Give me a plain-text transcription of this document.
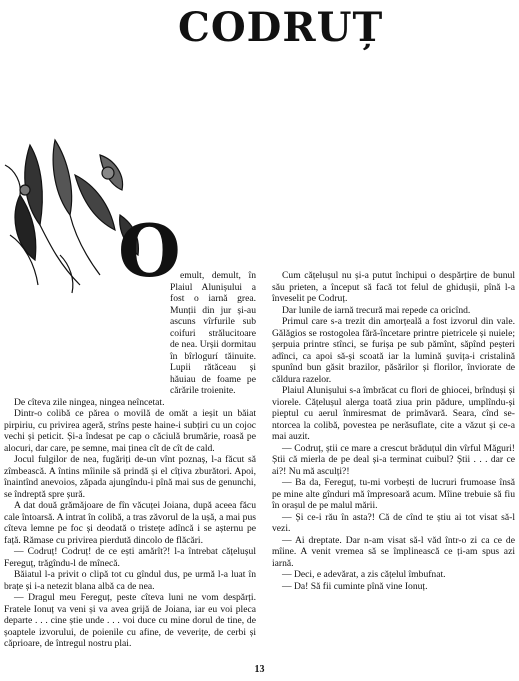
CODRUȚ
O emult, demult, în Plaiul Alunișului a fost o iarnă grea. Munții din jur și-au ascuns vîrfurile sub coifuri strălucitoare de nea. Urșii dormitau în bîrlogurí tăinuite. Lupii rătăceau și hăuiau de foame pe cărările troienite.

De cîteva zile ningea, ningea neîncetat.

Dintr-o colibă ce părea o movilă de omăt a ieșit un băiat pirpiriu, cu privirea ageră, strîns peste haine-i subțiri cu un cojoc vechi și peticit. Și-a îndesat pe cap o căciulă brumărie, roasă pe alocuri, dar care, pe semne, mai ținea cît de cît de cald.

Jocul fulgilor de nea, fugăriți de-un vînt poznaș, l-a făcut să zîmbească. A întins mîinile să prindă și el cîțiva zburători. Apoi, înaintînd anevoios, zăpada ajungîndu-i pînă mai sus de genunchi, se îndreptă spre șură.

A dat două grămăjoare de fîn văcuței Joiana, după aceea făcu cale întoarsă. A intrat în colibă, a tras zăvorul de la ușă, a mai pus cîteva lemne pe foc și deodată o tristețe adîncă i se așternu pe față. Rămase cu privirea pierdută dincolo de flăcări.

— Codruț! Codruț! de ce ești amărît?! l-a întrebat cățelușul Fereguț, trăgîndu-l de mînecă.

Băiatul l-a privit o clipă tot cu gîndul dus, pe urmă l-a luat în brațe și i-a netezit blana albă ca de nea.

— Dragul meu Fereguț, peste cîteva luni ne vom despărți. Fratele Ionuț va veni și va avea grijă de Joiana, iar eu voi pleca departe . . . cine știe unde . . . voi duce cu mine dorul de tine, de șoaptele izvorului, de poienile cu afine, de veverițe, de cerbi și căprioare, de întregul nostru plai.

Cum cățelușul nu și-a putut închipui o despărțire de bunul său prieten, a început să facă tot felul de ghidușii, pînă l-a înveselit pe Codruț.

Dar lunile de iarnă trecură mai repede ca oricînd.

Primul care s-a trezit din amorțeală a fost izvorul din vale. Gălăgios se rostogolea fără-încetare printre pietricele și nuiele; șerpuia printre stînci, se furișa pe sub pămînt, săpînd peșteri adînci, ca apoi să-și scoată iar la lumină șuvița-i cristalină spunînd bun găsit brazilor, păsărilor și florilor, înviorate de căldura razelor.

Plaiul Alunișului s-a îmbrăcat cu flori de ghiocei, brînduși și viorele. Cățelușul alerga toată ziua prin pădure, umplîndu-și pieptul cu aerul înmiresmat de primăvară. Seara, cînd se-ntorcea la colibă, povestea pe nerăsuflate, cite a văzut și ce-a mai auzit.

— Codruț, știi ce mare a crescut brăduțul din vîrful Măguri! Știi că mierla de pe deal și-a terminat cuibul? Știi . . . dar ce ai?! Nu mă asculți?!

— Ba da, Fereguț, tu-mi vorbești de lucruri frumoase însă pe mine alte gînduri mă împresoară acum. Mîine trebuie să fiu în orașul de pe malul mării.

— Și ce-i rău în asta?! Că de cînd te știu ai tot visat să-l vezi.

— Ai dreptate. Dar n-am visat să-l văd într-o zi ca ce de mîine. A venit vremea să se împlinească ce ți-am spus azi iarnă.

— Deci, e adevărat, a zis cățelul îmbufnat.

— Da! Să fii cuminte pînă vine Ionuț.

13
